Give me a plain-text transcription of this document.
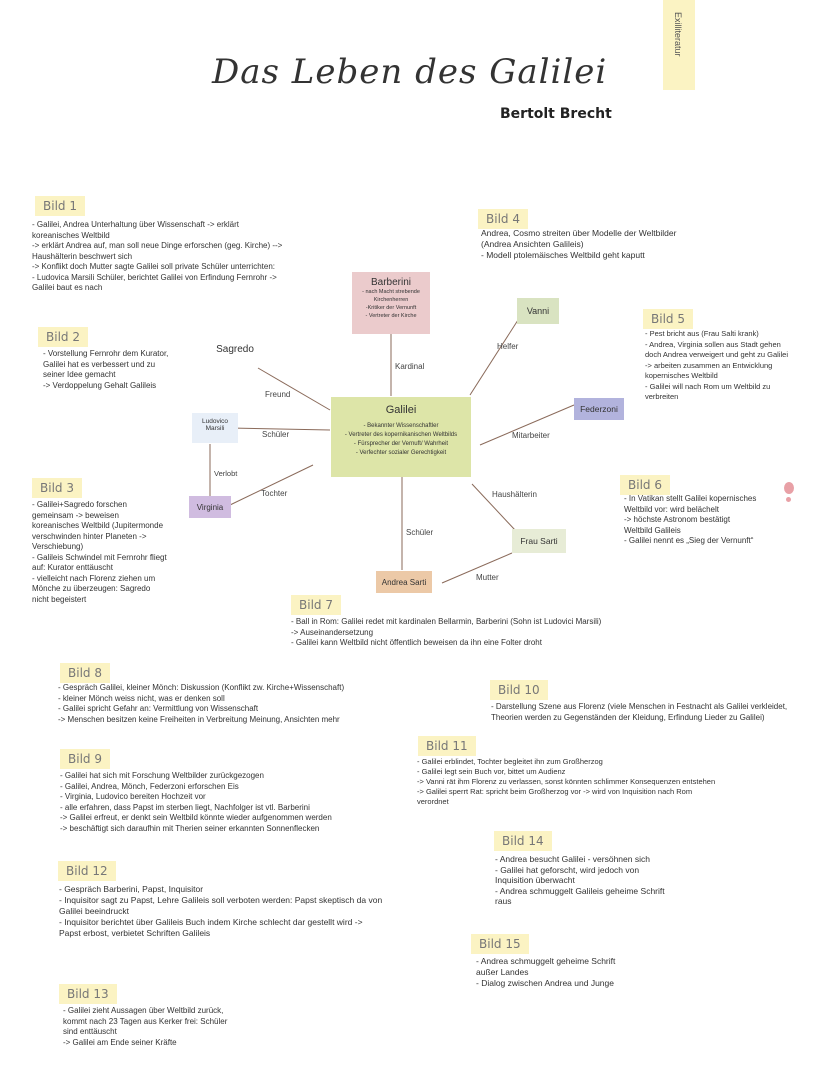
Exilliteratur
Das Leben des Galilei
Bertolt Brecht
Galilei
- Bekannter Wissenschaftler
- Vertreter des kopernikanischen Weltbilds
- Fürsprecher der Vernuft/ Wahrheit
- Verfechter sozialer Gerechtigkeit
Barberini
- nach Macht strebende
Kirchenherren
-Kritiker der Vernunft
- Vertreter der Kirche	Vanni
Federzoni
Sagredo
Ludovico
Marsili
Virginia
Frau Sarti
Andrea Sarti
Kardinal
Helfer
Mitarbeiter
Freund
Schüler
Verlobt
Tochter	Haushälterin
Schüler
Mutter
Bild 1
- Galilei, Andrea Unterhaltung über Wissenschaft -> erklärt
koreanisches Weltbild
-> erklärt Andrea auf, man soll neue Dinge erforschen (geg. Kirche) -->
Haushälterin beschwert sich
-> Konflikt doch Mutter sagte Galilei soll private Schüler unterrichten:
- Ludovica Marsili Schüler, berichtet Galilei von Erfindung Fernrohr ->
Galilei baut es nach
Bild 2
- Vorstellung Fernrohr dem Kurator,
Galilei hat es verbessert und zu
seiner Idee gemacht
-> Verdoppelung Gehalt Galileis
Bild 3
- Galilei+Sagredo forschen
gemeinsam -> beweisen
koreanisches Weltbild (Jupitermonde
verschwinden hinter Planeten ->
Verschiebung)
- Galileis Schwindel mit Fernrohr fliegt
auf: Kurator enttäuscht
- vielleicht nach Florenz ziehen um
Mönche zu überzeugen: Sagredo
nicht begeistert
Bild 4
Andrea, Cosmo streiten über Modelle der Weltbilder
(Andrea Ansichten Galileis)
- Modell ptolemäisches Weltbild geht kaputt
Bild 5
- Pest bricht aus (Frau Salti krank)
- Andrea, Virginia sollen aus Stadt gehen
doch Andrea verweigert und geht zu Galilei
-> arbeiten zusammen an Entwicklung
kopernisches Weltbild
- Galilei will nach Rom um Weltbild zu
verbreiten
Bild 6
- In Vatikan stellt Galilei kopernisches
Weltbild vor: wird belächelt
-> höchste Astronom bestätigt
Weltbild Galileis
- Galilei nennt es „Sieg der Vernunft“
Bild 7
- Ball in Rom: Galilei redet mit kardinalen Bellarmin, Barberini (Sohn ist Ludovici Marsili)
-> Auseinandersetzung
- Galilei kann Weltbild nicht öffentlich beweisen da ihn eine Folter droht
Bild 8
- Gespräch Galilei, kleiner Mönch: Diskussion (Konflikt zw. Kirche+Wissenschaft)
- kleiner Mönch weiss nicht, was er denken soll
- Galilei spricht Gefahr an: Vermittlung von Wissenschaft
-> Menschen besitzen keine Freiheiten in Verbreitung Meinung, Ansichten mehr
Bild 9
- Galilei hat sich mit Forschung Weltbilder zurückgezogen
- Galilei, Andrea, Mönch, Federzoni erforschen Eis
- Virginia, Ludovico bereiten Hochzeit vor
- alle erfahren, dass Papst im sterben liegt, Nachfolger ist vtl. Barberini
-> Galilei erfreut, er denkt sein Weltbild könnte wieder aufgenommen werden
-> beschäftigt sich daraufhin mit Therien seiner erkannten Sonnenflecken
Bild 10
- Darstellung Szene aus Florenz (viele Menschen in Festnacht als Galilei verkleidet,
Theorien werden zu Gegenständen der Kleidung, Erfindung Lieder zu Galilei)
Bild 11
- Galilei erblindet, Tochter begleitet ihn zum Großherzog
- Galilei legt sein Buch vor, bittet um Audienz
-> Vanni rät ihm Florenz zu verlassen, sonst könnten schlimmer Konsequenzen entstehen
-> Galilei sperrt Rat: spricht beim Großherzog vor -> wird von Inquisition nach Rom
verordnet
Bild 12
- Gespräch Barberini, Papst, Inquisitor
- Inquisitor sagt zu Papst, Lehre Galileis soll verboten werden: Papst skeptisch da von
Galilei beeindruckt
- Inquisitor berichtet über Galileis Buch indem Kirche schlecht dar gestellt wird ->
Papst erbost, verbietet Schriften Galileis
Bild 13
- Galilei zieht Aussagen über Weltbild zurück,
kommt nach 23 Tagen aus Kerker frei: Schüler
sind enttäuscht
-> Galilei am Ende seiner Kräfte
Bild 14
- Andrea besucht Galilei - versöhnen sich
- Galilei hat geforscht, wird jedoch von
Inquisition überwacht
- Andrea schmuggelt Galileis geheime Schrift
raus
Bild 15
- Andrea schmuggelt geheime Schrift
außer Landes
- Dialog zwischen Andrea und Junge
